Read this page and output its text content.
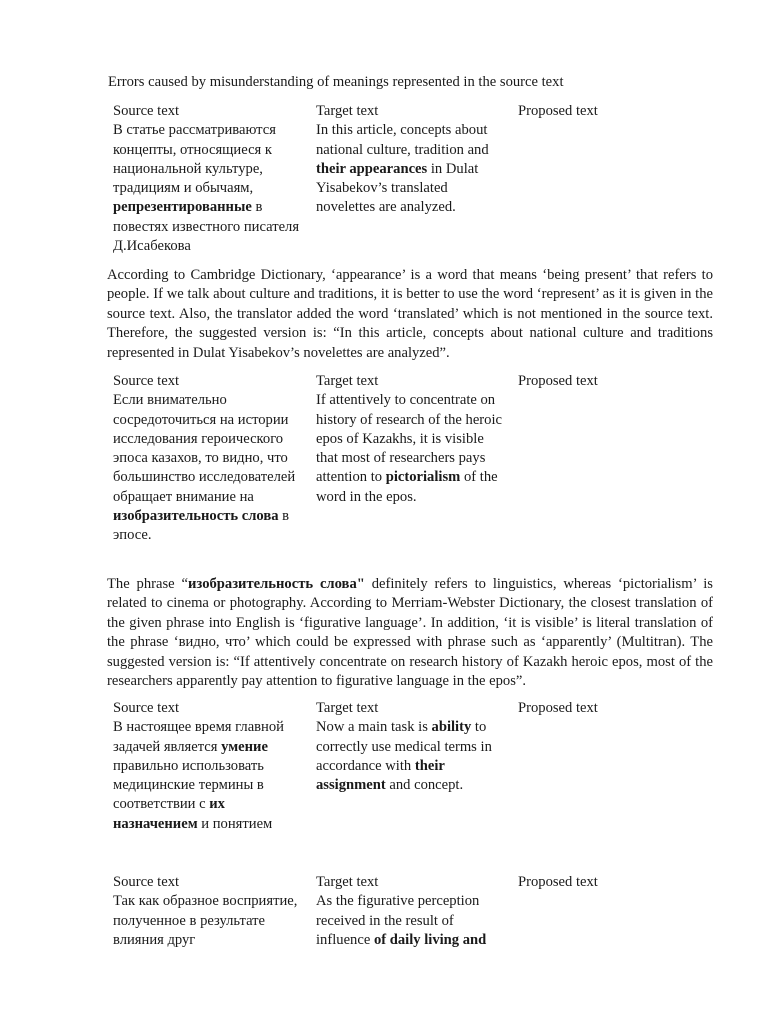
Errors caused by misunderstanding of meanings represented in the source text
Source text
В статье рассматриваются концепты, относящиеся к национальной культуре, традициям и обычаям, репрезентированные в повестях известного писателя Д.Исабекова
Target text
In this article, concepts about national culture, tradition and their appearances in Dulat Yisabekov’s translated novelettes are analyzed.
Proposed text
According to Cambridge Dictionary, ‘appearance’ is a word that means ‘being present’ that refers to people. If we talk about culture and traditions, it is better to use the word ‘represent’ as it is given in the source text. Also, the translator added the word ‘translated’ which is not mentioned in the source text. Therefore, the suggested version is: “In this article, concepts about national culture and traditions represented in Dulat Yisabekov’s novelettes are analyzed”.
Source text
Если внимательно сосредоточиться на истории исследования героического эпоса казахов, то видно, что большинство исследователей обращает внимание на изобразительность слова в эпосе.
Target text
If attentively to concentrate on history of research of the heroic epos of Kazakhs, it is visible that most of researchers pays attention to pictorialism of the word in the epos.
Proposed text
The phrase “изобразительность слова" definitely refers to linguistics, whereas ‘pictorialism’ is related to cinema or photography. According to Merriam-Webster Dictionary, the closest translation of the given phrase into English is ‘figurative language’. In addition, ‘it is visible’ is literal translation of the phrase ‘видно, что’ which could be expressed with phrase such as ‘apparently’ (Multitran). The suggested version is: “If attentively concentrate on research history of Kazakh heroic epos, most of the researchers apparently pay attention to figurative language in the epos”.
Source text
В настоящее время главной задачей является умение правильно использовать медицинские термины в соответствии с их назначением и понятием
Target text
Now a main task is ability to correctly use medical terms in accordance with their assignment and concept.
Proposed text
Source text
Так как образное восприятие, полученное в результате влияния друг
Target text
As the figurative perception received in the result of influence of daily living and
Proposed text
